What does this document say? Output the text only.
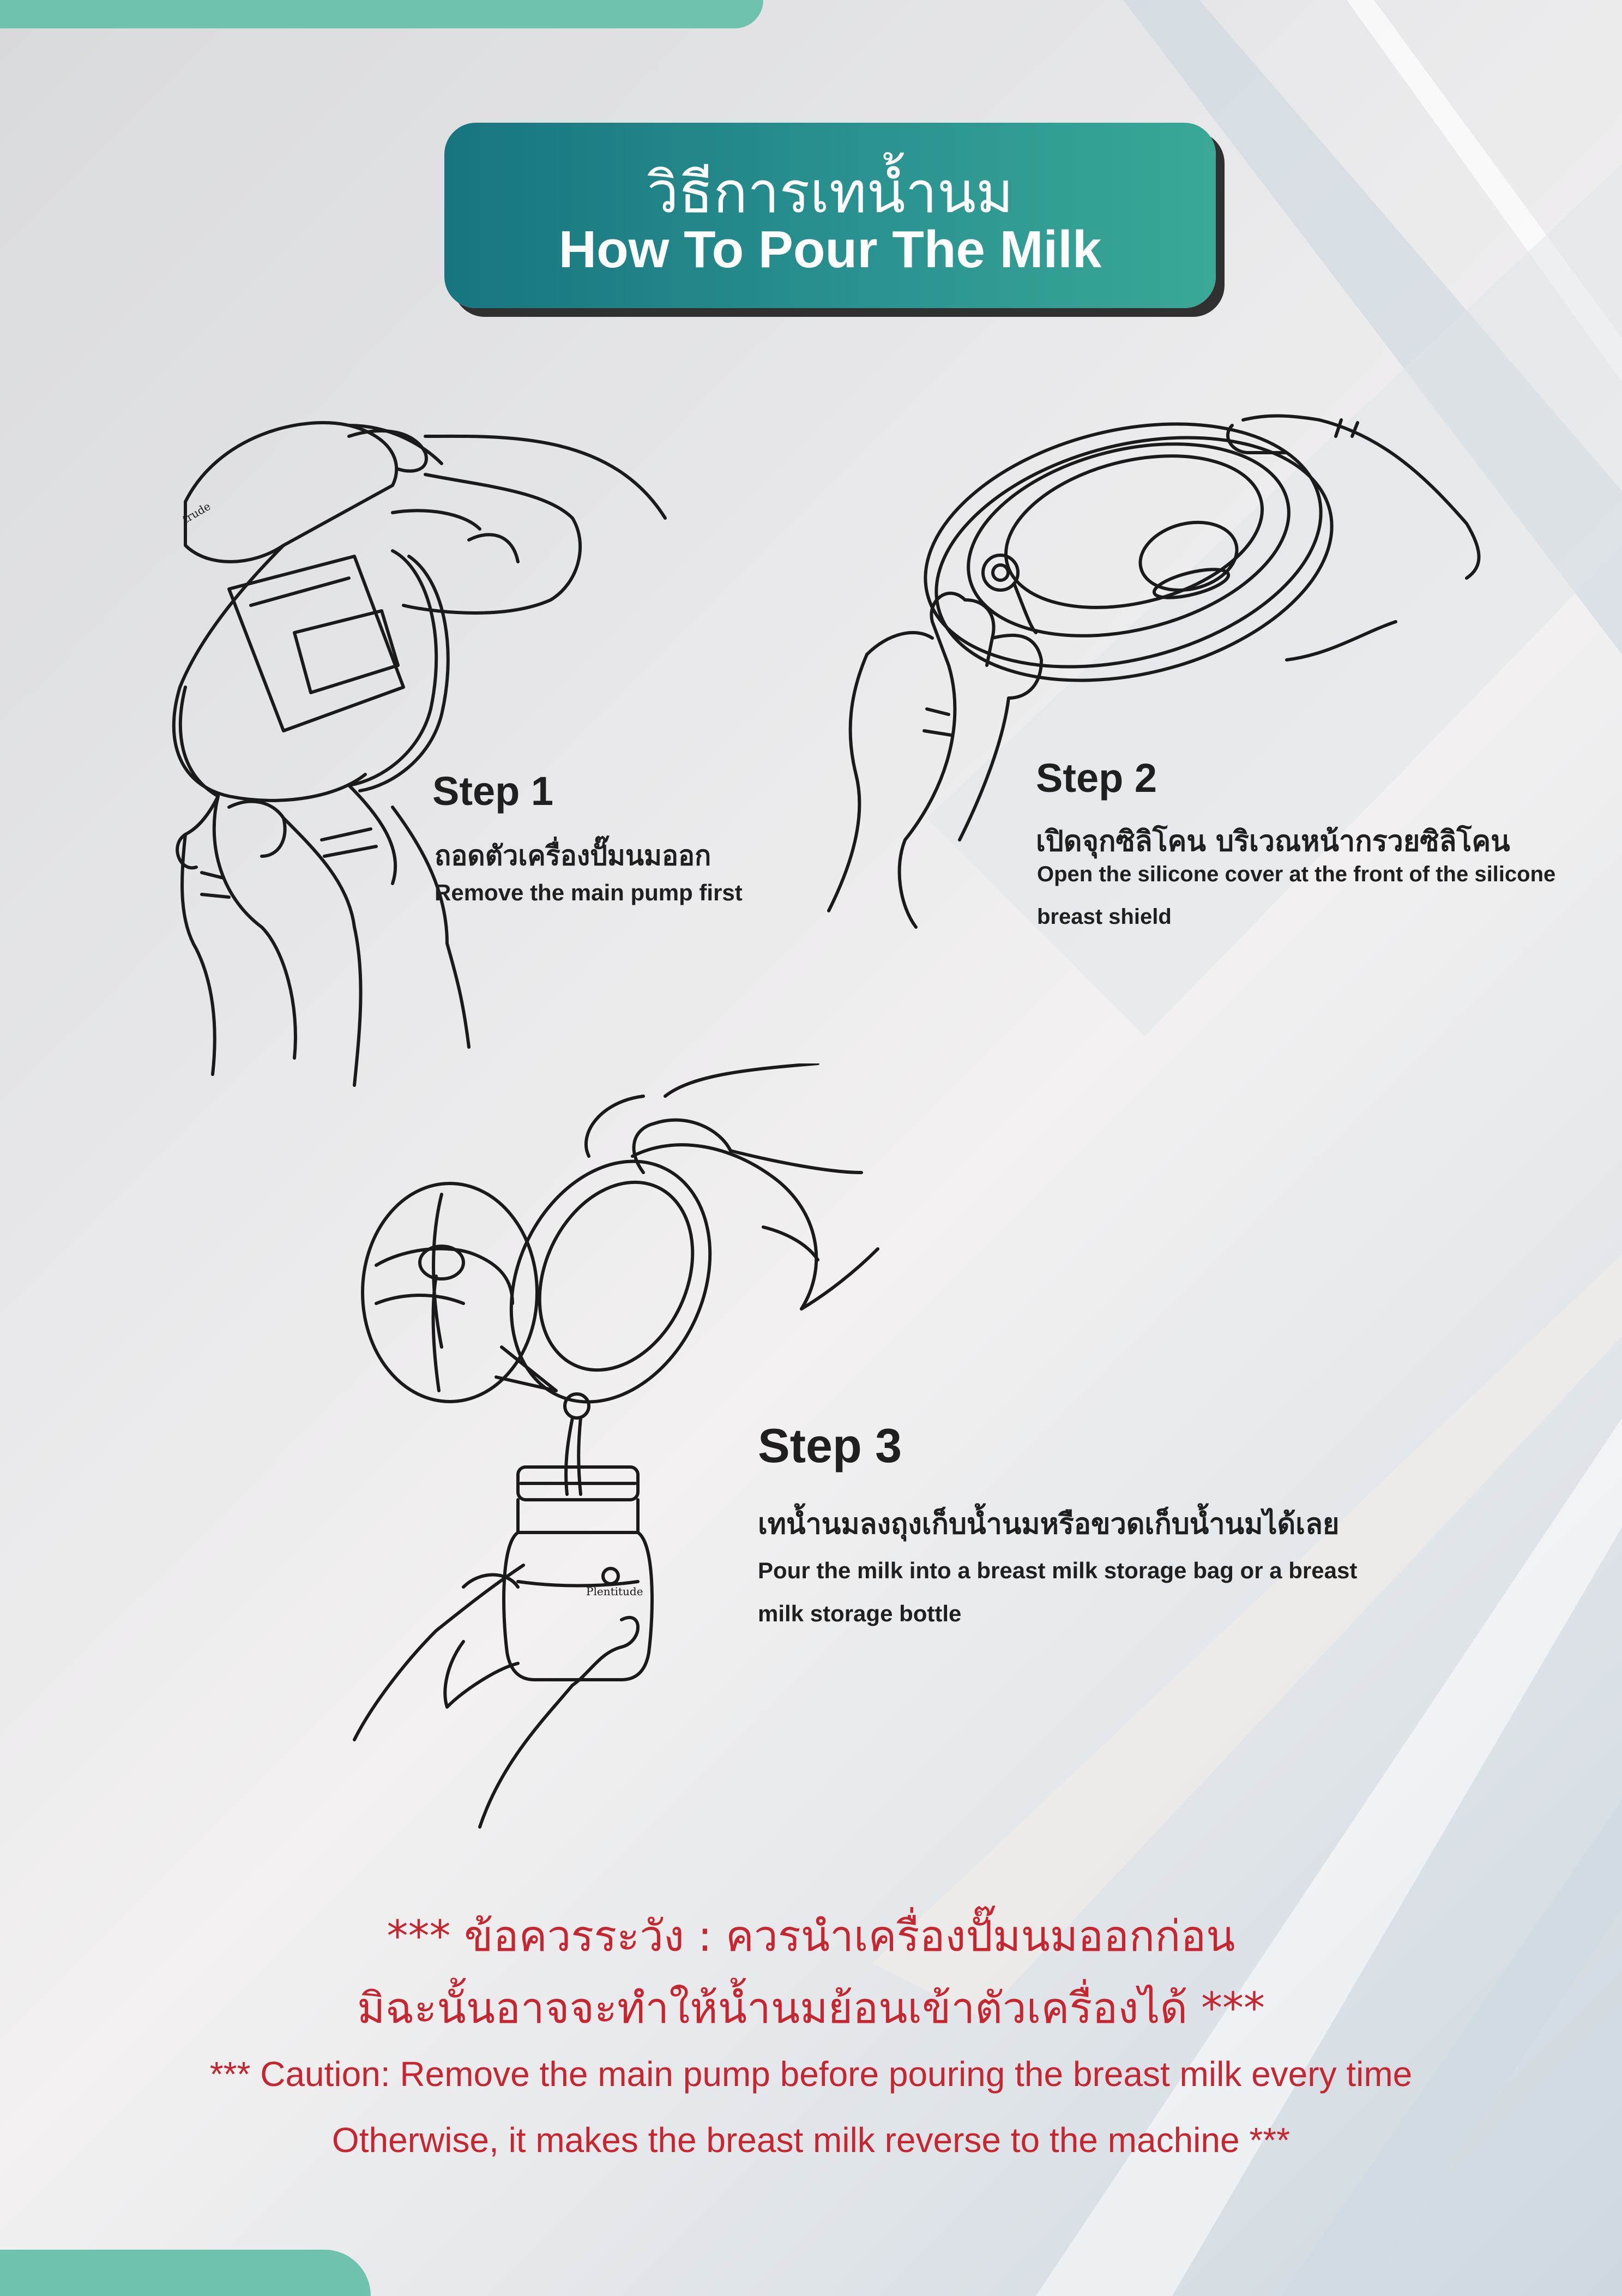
วิธีการเทน้ำนม
How To Pour The Milk
trude
Plentitude
Step 1
ถอดตัวเครื่องปั๊มนมออก
Remove the main pump first
Step 2
เปิดจุกซิลิโคน บริเวณหน้ากรวยซิลิโคน
Open the silicone cover at the front of the silicone
breast shield
Step 3
เทน้ำนมลงถุงเก็บน้ำนมหรือขวดเก็บน้ำนมได้เลย
Pour the milk into a breast milk storage bag or a breast
milk storage bottle
*** ข้อควรระวัง : ควรนำเครื่องปั๊มนมออกก่อน
มิฉะนั้นอาจจะทำให้น้ำนมย้อนเข้าตัวเครื่องได้ ***
*** Caution: Remove the main pump before pouring the breast milk every time
Otherwise, it makes the breast milk reverse to the machine ***
